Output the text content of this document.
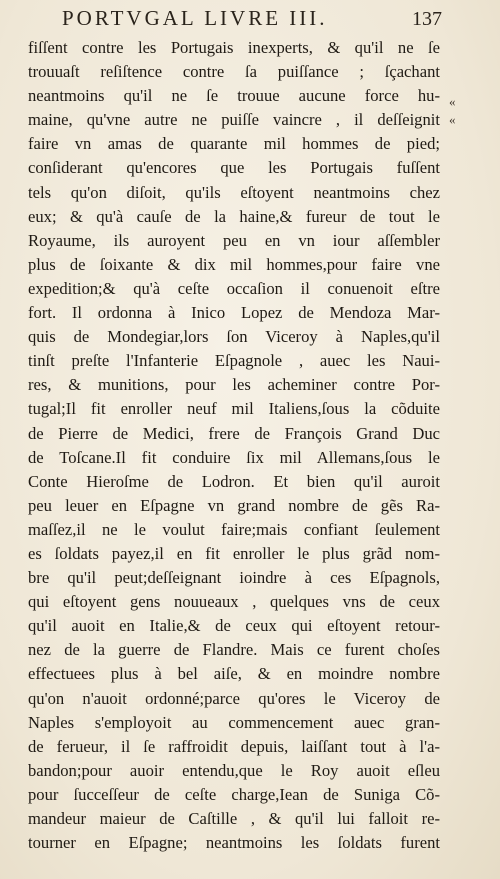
PORTVGAL LIVRE III.	137
«
«
fiſſent contre les Portugais inexperts, & qu'il ne ſe
trouuaſt reſiſtence contre ſa puiſſance ; ſçachant
neantmoins qu'il ne ſe trouue aucune force hu-
maine, qu'vne autre ne puiſſe vaincre , il deſſeignit
faire vn amas de quarante mil hommes de pied;
conſiderant qu'encores que les Portugais fuſſent
tels qu'on diſoit, qu'ils eſtoyent neantmoins chez
eux; & qu'à cauſe de la haine,& fureur de tout le
Royaume, ils auroyent peu en vn iour aſſembler
plus de ſoixante & dix mil hommes,pour faire vne
expedition;& qu'à ceſte occaſion il conuenoit eſtre
fort. Il ordonna à Inico Lopez de Mendoza Mar-
quis de Mondegiar,lors ſon Viceroy à Naples,qu'il
tinſt preſte l'Infanterie Eſpagnole , auec les Naui-
res, & munitions, pour les acheminer contre Por-
tugal;Il fit enroller neuf mil Italiens,ſous la cõduite
de Pierre de Medici, frere de François Grand Duc
de Toſcane.Il fit conduire ſix mil Allemans,ſous le
Conte Hieroſme de Lodron. Et bien qu'il auroit
peu leuer en Eſpagne vn grand nombre de gẽs Ra-
maſſez,il ne le voulut faire;mais confiant ſeulement
es ſoldats payez,il en fit enroller le plus grãd nom-
bre qu'il peut;deſſeignant ioindre à ces Eſpagnols,
qui eſtoyent gens nouueaux , quelques vns de ceux
qu'il auoit en Italie,& de ceux qui eſtoyent retour-
nez de la guerre de Flandre. Mais ce furent choſes
effectuees plus à bel aiſe, & en moindre nombre
qu'on n'auoit ordonné;parce qu'ores le Viceroy de
Naples s'employoit au commencement auec gran-
de ferueur, il ſe raffroidit depuis, laiſſant tout à l'a-
bandon;pour auoir entendu,que le Roy auoit eſleu
pour ſucceſſeur de ceſte charge,Iean de Suniga Cõ-
mandeur maieur de Caſtille , & qu'il lui falloit re-
tourner en Eſpagne; neantmoins les ſoldats furent
